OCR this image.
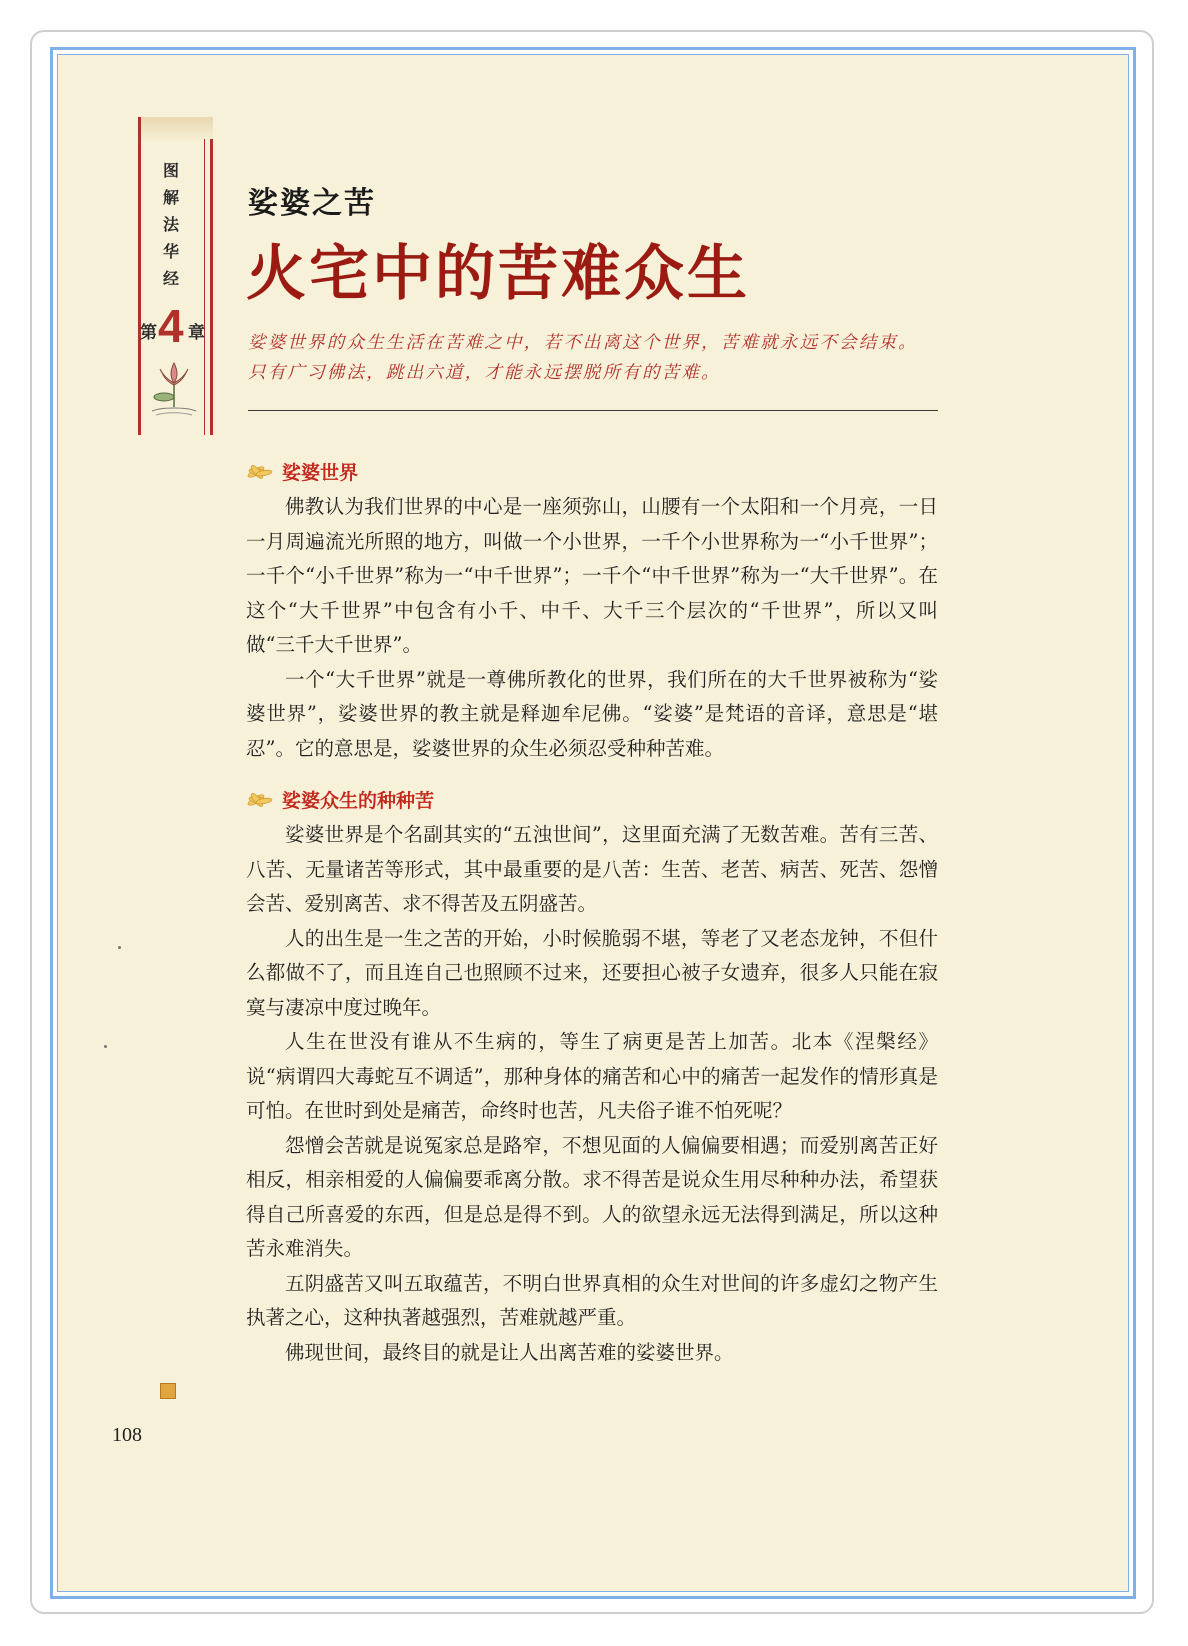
图
解
法
华
经
第 4 章
娑婆之苦
火宅中的苦难众生
娑婆世界的众生生活在苦难之中，若不出离这个世界，苦难就永远不会结束。
只有广习佛法，跳出六道，才能永远摆脱所有的苦难。
娑婆世界

佛教认为我们世界的中心是一座须弥山，山腰有一个太阳和一个月亮，一日一月周遍流光所照的地方，叫做一个小世界，一千个小世界称为一“小千世界”；一千个“小千世界”称为一“中千世界”；一千个“中千世界”称为一“大千世界”。在这个“大千世界”中包含有小千、中千、大千三个层次的“千世界”，所以又叫做“三千大千世界”。

一个“大千世界”就是一尊佛所教化的世界，我们所在的大千世界被称为“娑婆世界”，娑婆世界的教主就是释迦牟尼佛。“娑婆”是梵语的音译，意思是“堪忍”。它的意思是，娑婆世界的众生必须忍受种种苦难。

娑婆众生的种种苦

娑婆世界是个名副其实的“五浊世间”，这里面充满了无数苦难。苦有三苦、八苦、无量诸苦等形式，其中最重要的是八苦：生苦、老苦、病苦、死苦、怨憎会苦、爱别离苦、求不得苦及五阴盛苦。

人的出生是一生之苦的开始，小时候脆弱不堪，等老了又老态龙钟，不但什么都做不了，而且连自己也照顾不过来，还要担心被子女遗弃，很多人只能在寂寞与凄凉中度过晚年。

人生在世没有谁从不生病的，等生了病更是苦上加苦。北本《涅槃经》说“病谓四大毒蛇互不调适”，那种身体的痛苦和心中的痛苦一起发作的情形真是可怕。在世时到处是痛苦，命终时也苦，凡夫俗子谁不怕死呢？

怨憎会苦就是说冤家总是路窄，不想见面的人偏偏要相遇；而爱别离苦正好相反，相亲相爱的人偏偏要乖离分散。求不得苦是说众生用尽种种办法，希望获得自己所喜爱的东西，但是总是得不到。人的欲望永远无法得到满足，所以这种苦永难消失。

五阴盛苦又叫五取蕴苦，不明白世界真相的众生对世间的许多虚幻之物产生执著之心，这种执著越强烈，苦难就越严重。

佛现世间，最终目的就是让人出离苦难的娑婆世界。

108
